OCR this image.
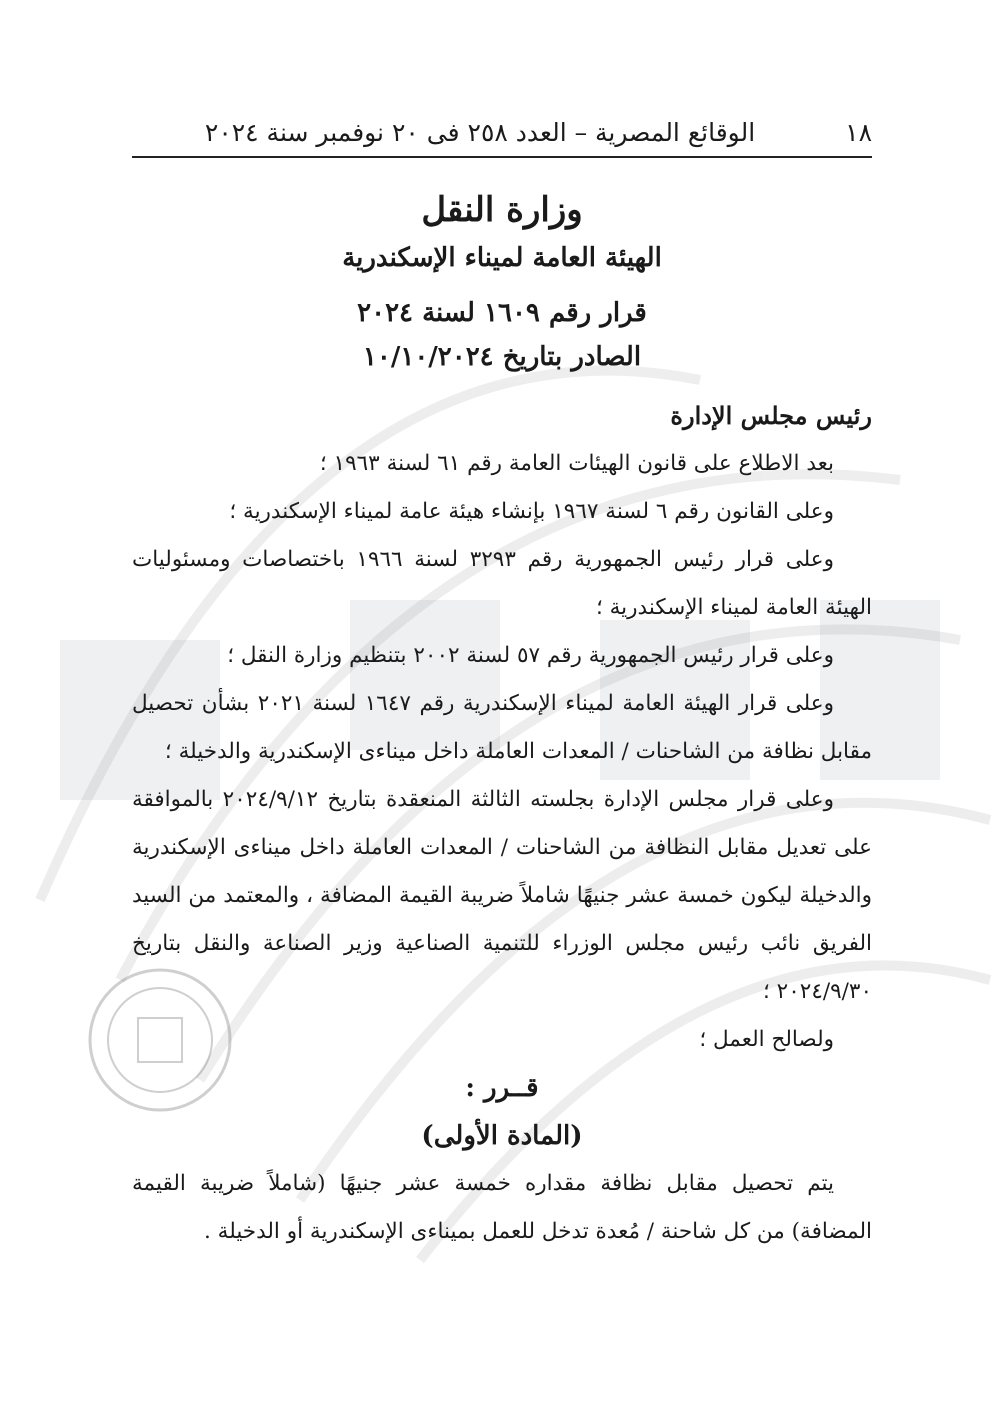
١٨
الوقائع المصرية – العدد ٢٥٨ فى ٢٠ نوفمبر سنة ٢٠٢٤
وزارة النقل
الهيئة العامة لميناء الإسكندرية
قرار رقم ١٦٠٩ لسنة ٢٠٢٤
الصادر بتاريخ ١٠/١٠/٢٠٢٤

رئيس مجلس الإدارة

بعد الاطلاع على قانون الهيئات العامة رقم ٦١ لسنة ١٩٦٣ ؛

وعلى القانون رقم ٦ لسنة ١٩٦٧ بإنشاء هيئة عامة لميناء الإسكندرية ؛

وعلى قرار رئيس الجمهورية رقم ٣٢٩٣ لسنة ١٩٦٦ باختصاصات ومسئوليات الهيئة العامة لميناء الإسكندرية ؛

وعلى قرار رئيس الجمهورية رقم ٥٧ لسنة ٢٠٠٢ بتنظيم وزارة النقل ؛

وعلى قرار الهيئة العامة لميناء الإسكندرية رقم ١٦٤٧ لسنة ٢٠٢١ بشأن تحصيل مقابل نظافة من الشاحنات / المعدات العاملة داخل ميناءى الإسكندرية والدخيلة ؛

وعلى قرار مجلس الإدارة بجلسته الثالثة المنعقدة بتاريخ ٢٠٢٤/٩/١٢ بالموافقة على تعديل مقابل النظافة من الشاحنات / المعدات العاملة داخل ميناءى الإسكندرية والدخيلة ليكون خمسة عشر جنيهًا شاملاً ضريبة القيمة المضافة ، والمعتمد من السيد الفريق نائب رئيس مجلس الوزراء للتنمية الصناعية وزير الصناعة والنقل بتاريخ ٢٠٢٤/٩/٣٠ ؛

ولصالح العمل ؛

قــرر :

(المادة الأولى)

يتم تحصيل مقابل نظافة مقداره خمسة عشر جنيهًا (شاملاً ضريبة القيمة المضافة) من كل شاحنة / مُعدة تدخل للعمل بميناءى الإسكندرية أو الدخيلة .
